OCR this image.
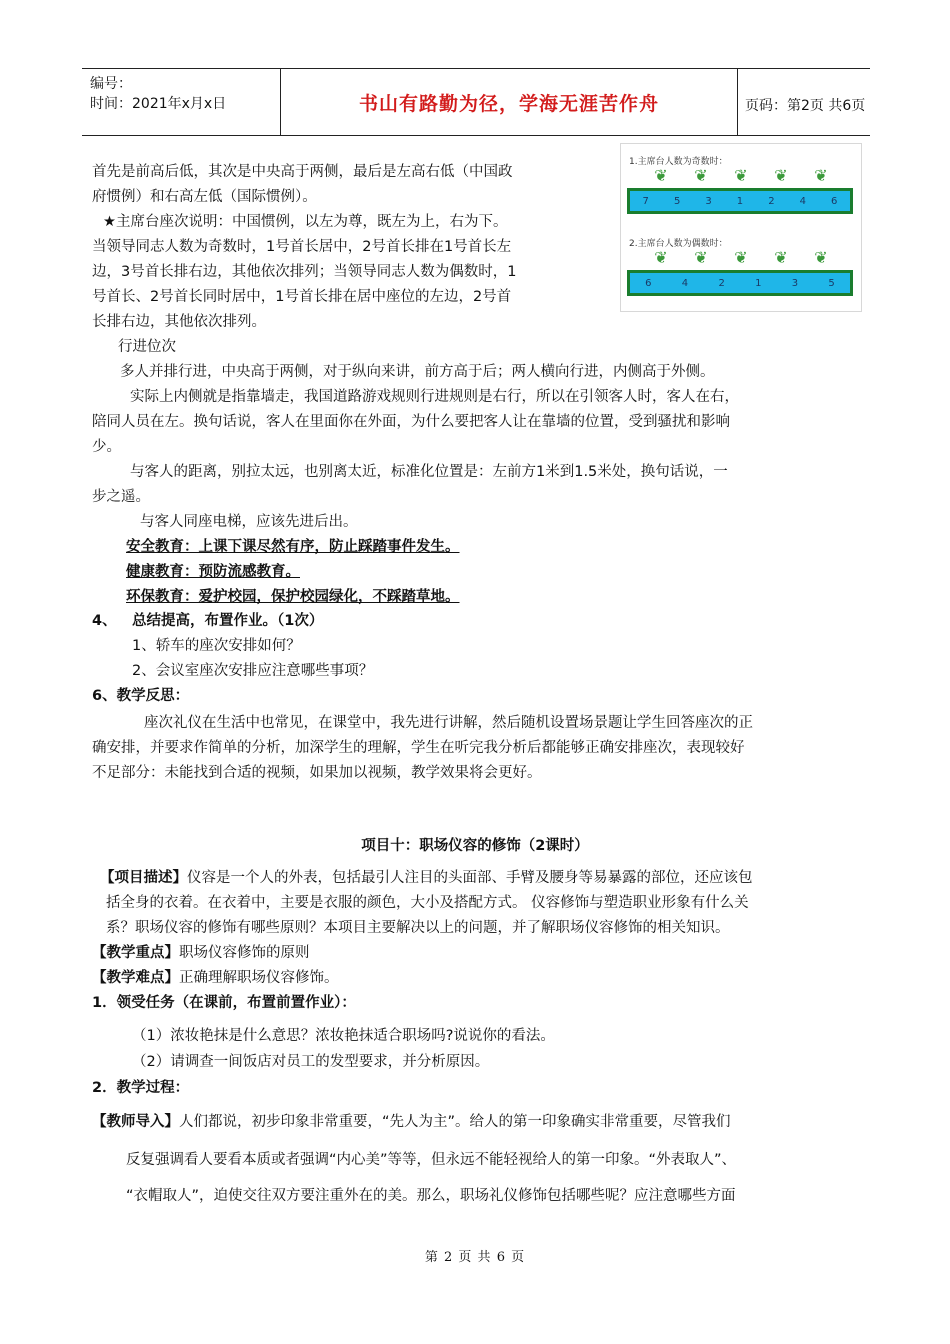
编号：
时间：2021年x月x日	书山有路勤为径，学海无涯苦作舟	页码：第2页 共6页
1.主席台人数为奇数时：
❦ ❦ ❦ ❦ ❦
7	5	3	1	2	4	6
2.主席台人数为偶数时：
❦ ❦ ❦ ❦ ❦
6	4	2	1	3	5
首先是前高后低，其次是中央高于两侧，最后是左高右低（中国政
府惯例）和右高左低（国际惯例）。
★主席台座次说明：中国惯例，以左为尊，既左为上，右为下。
当领导同志人数为奇数时，1号首长居中，2号首长排在1号首长左
边，3号首长排右边，其他依次排列；当领导同志人数为偶数时，1
号首长、2号首长同时居中，1号首长排在居中座位的左边，2号首
长排右边，其他依次排列。
行进位次
多人并排行进，中央高于两侧，对于纵向来讲，前方高于后；两人横向行进，内侧高于外侧。
实际上内侧就是指靠墙走，我国道路游戏规则行进规则是右行，所以在引领客人时，客人在右，
陪同人员在左。换句话说，客人在里面你在外面，为什么要把客人让在靠墙的位置，受到骚扰和影响
少。
与客人的距离，别拉太远，也别离太近，标准化位置是：左前方1米到1.5米处，换句话说，一
步之遥。
与客人同座电梯，应该先进后出。
安全教育：上课下课尽然有序，防止踩踏事件发生。
健康教育：预防流感教育。
环保教育：爱护校园，保护校园绿化，不踩踏草地。
4、 总结提高，布置作业。（1次）
1、轿车的座次安排如何？
2、会议室座次安排应注意哪些事项？
6、教学反思：
座次礼仪在生活中也常见，在课堂中，我先进行讲解，然后随机设置场景题让学生回答座次的正
确安排，并要求作简单的分析，加深学生的理解，学生在听完我分析后都能够正确安排座次，表现较好
不足部分：未能找到合适的视频，如果加以视频，教学效果将会更好。
项目十：职场仪容的修饰（2课时）
【项目描述】仪容是一个人的外表，包括最引人注目的头面部、手臂及腰身等易暴露的部位，还应该包
括全身的衣着。在衣着中，主要是衣服的颜色，大小及搭配方式。 仪容修饰与塑造职业形象有什么关
系？职场仪容的修饰有哪些原则？本项目主要解决以上的问题，并了解职场仪容修饰的相关知识。
【教学重点】职场仪容修饰的原则
【教学难点】正确理解职场仪容修饰。
1．领受任务（在课前，布置前置作业）：
（1）浓妆艳抹是什么意思？浓妆艳抹适合职场吗?说说你的看法。
（2）请调查一间饭店对员工的发型要求，并分析原因。
2．教学过程：
【教师导入】人们都说，初步印象非常重要，“先人为主”。给人的第一印象确实非常重要，尽管我们
反复强调看人要看本质或者强调“内心美”等等，但永远不能轻视给人的第一印象。“外表取人”、
“衣帽取人”，迫使交往双方要注重外在的美。那么，职场礼仪修饰包括哪些呢？应注意哪些方面
第 2 页 共 6 页
